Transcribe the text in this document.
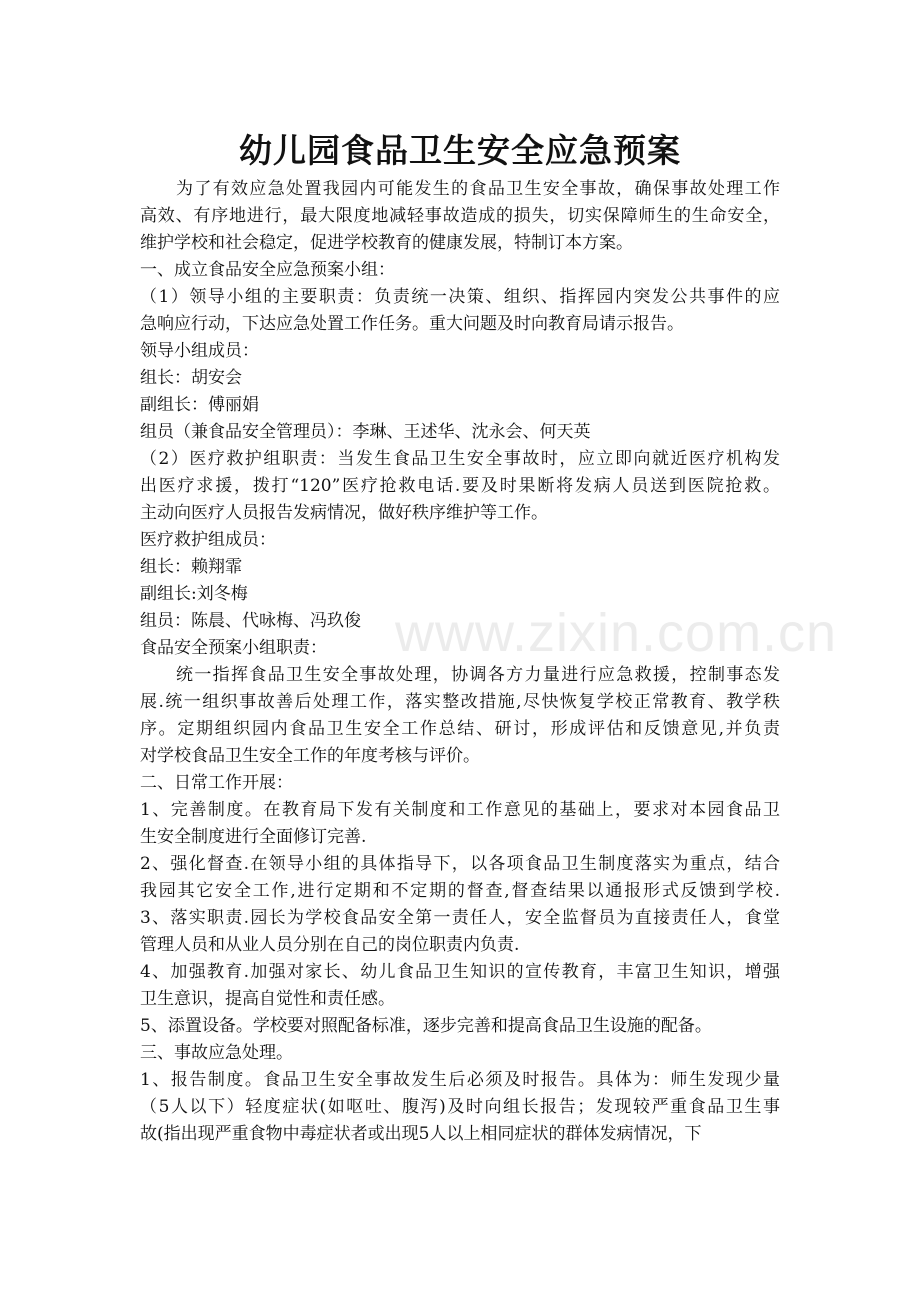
幼儿园食品卫生安全应急预案
为了有效应急处置我园内可能发生的食品卫生安全事故，确保事故处理工作
高效、有序地进行，最大限度地减轻事故造成的损失，切实保障师生的生命安全，
维护学校和社会稳定，促进学校教育的健康发展，特制订本方案。
一、成立食品安全应急预案小组：
（1）领导小组的主要职责：负责统一决策、组织、指挥园内突发公共事件的应
急响应行动，下达应急处置工作任务。重大问题及时向教育局请示报告。
领导小组成员：
组长：胡安会
副组长：傅丽娟
组员（兼食品安全管理员）：李琳、王述华、沈永会、何天英
（2）医疗救护组职责：当发生食品卫生安全事故时，应立即向就近医疗机构发
出医疗求援，拨打“120”医疗抢救电话.要及时果断将发病人员送到医院抢救。
主动向医疗人员报告发病情况，做好秩序维护等工作。
医疗救护组成员：
组长：赖翔霏
副组长:刘冬梅
组员：陈晨、代咏梅、冯玖俊
食品安全预案小组职责：
统一指挥食品卫生安全事故处理，协调各方力量进行应急救援，控制事态发
展.统一组织事故善后处理工作，落实整改措施,尽快恢复学校正常教育、教学秩
序。定期组织园内食品卫生安全工作总结、研讨，形成评估和反馈意见,并负责
对学校食品卫生安全工作的年度考核与评价。
二、日常工作开展：
1、完善制度。在教育局下发有关制度和工作意见的基础上，要求对本园食品卫
生安全制度进行全面修订完善.
2、强化督查.在领导小组的具体指导下，以各项食品卫生制度落实为重点，结合
我园其它安全工作,进行定期和不定期的督查,督查结果以通报形式反馈到学校.
3、落实职责.园长为学校食品安全第一责任人，安全监督员为直接责任人，食堂
管理人员和从业人员分别在自己的岗位职责内负责.
4、加强教育.加强对家长、幼儿食品卫生知识的宣传教育，丰富卫生知识，增强
卫生意识，提高自觉性和责任感。
5、添置设备。学校要对照配备标准，逐步完善和提高食品卫生设施的配备。
三、事故应急处理。
1、报告制度。食品卫生安全事故发生后必须及时报告。具体为：师生发现少量
（5人以下）轻度症状(如呕吐、腹泻)及时向组长报告；发现较严重食品卫生事
故(指出现严重食物中毒症状者或出现5人以上相同症状的群体发病情况，下
www.zixin.com.cn
